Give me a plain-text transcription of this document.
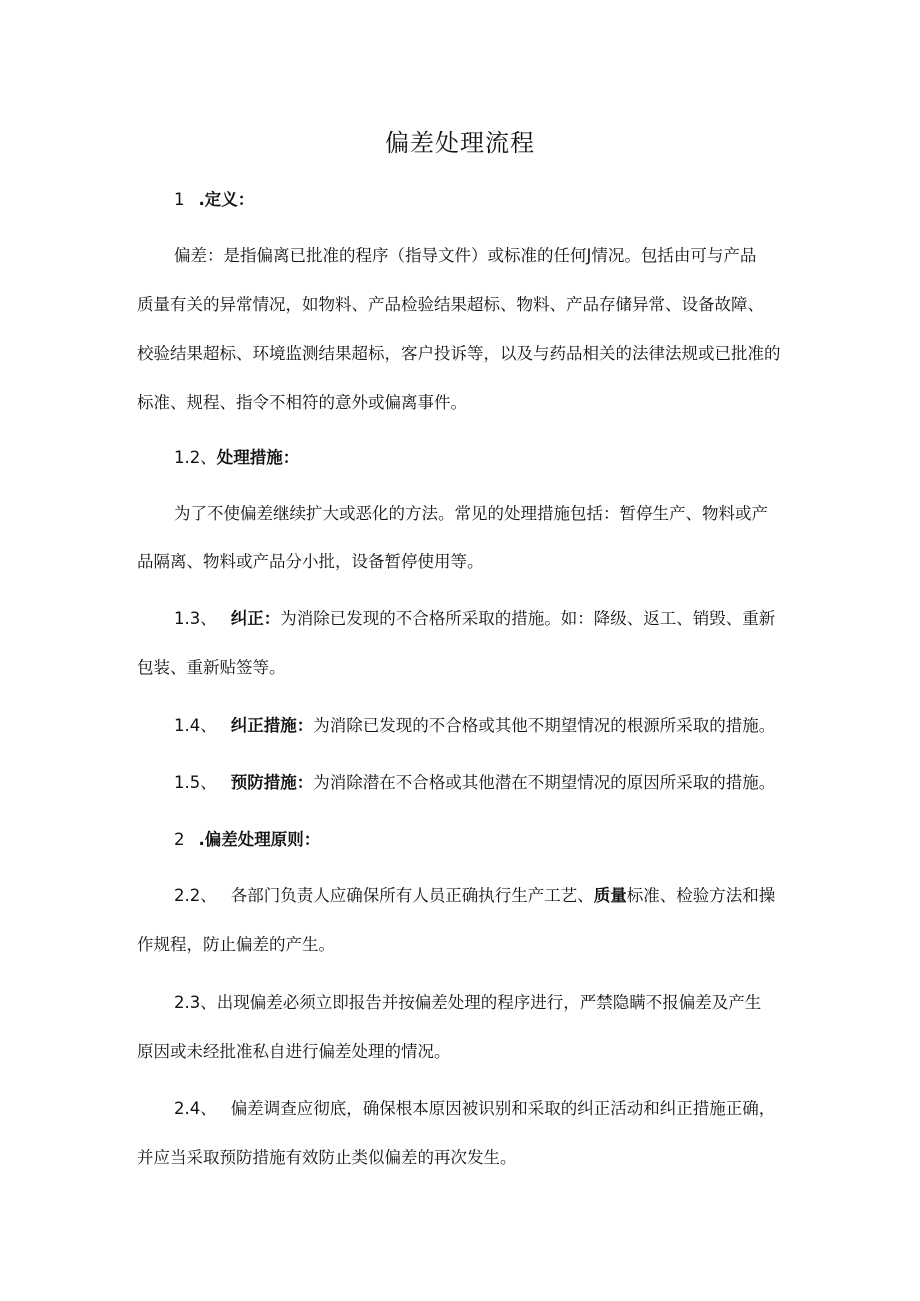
偏差处理流程
1 .定义：
偏差：是指偏离已批准的程序（指导文件）或标准的任何J情况。包括由可与产品
质量有关的异常情况，如物料、产品检验结果超标、物料、产品存储异常、设备故障、
校验结果超标、环境监测结果超标，客户投诉等，以及与药品相关的法律法规或已批准的
标准、规程、指令不相符的意外或偏离事件。
1.2、处理措施：
为了不使偏差继续扩大或恶化的方法。常见的处理措施包括：暂停生产、物料或产
品隔离、物料或产品分小批，设备暂停使用等。
1.3、 纠正：为消除已发现的不合格所采取的措施。如：降级、返工、销毁、重新
包装、重新贴签等。
1.4、 纠正措施：为消除已发现的不合格或其他不期望情况的根源所采取的措施。
1.5、 预防措施：为消除潜在不合格或其他潜在不期望情况的原因所采取的措施。
2 .偏差处理原则：
2.2、 各部门负责人应确保所有人员正确执行生产工艺、质量标准、检验方法和操
作规程，防止偏差的产生。
2.3、出现偏差必须立即报告并按偏差处理的程序进行，严禁隐瞒不报偏差及产生
原因或未经批准私自进行偏差处理的情况。
2.4、 偏差调查应彻底，确保根本原因被识别和采取的纠正活动和纠正措施正确，
并应当采取预防措施有效防止类似偏差的再次发生。
